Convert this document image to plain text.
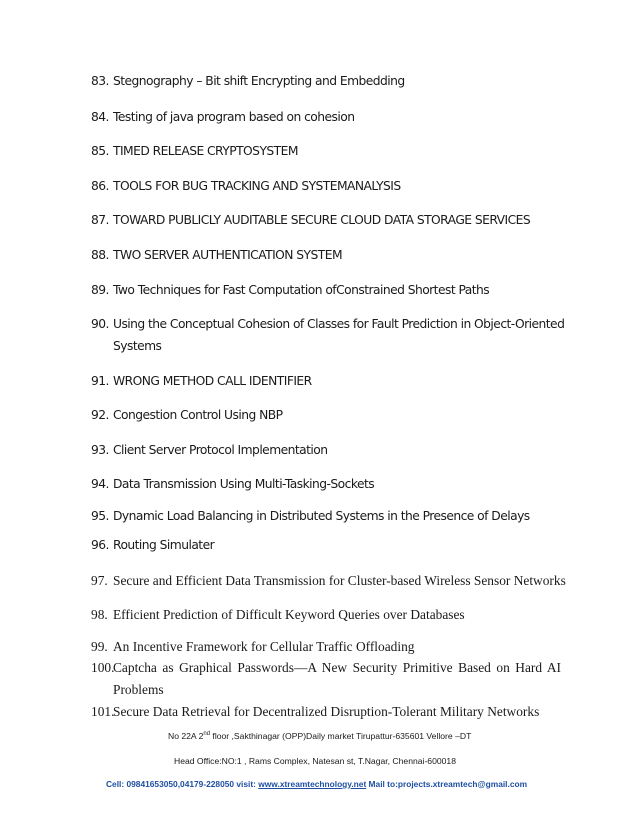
83. Stegnography – Bit shift Encrypting and Embedding
84. Testing of java program based on cohesion
85. TIMED RELEASE CRYPTOSYSTEM
86. TOOLS FOR BUG TRACKING AND SYSTEMANALYSIS
87. TOWARD PUBLICLY AUDITABLE SECURE CLOUD DATA STORAGE SERVICES
88. TWO SERVER AUTHENTICATION SYSTEM
89. Two Techniques for Fast Computation ofConstrained Shortest Paths
90. Using the Conceptual Cohesion of Classes for Fault Prediction in Object-Oriented
Systems
91. WRONG METHOD CALL IDENTIFIER
92. Congestion Control Using NBP
93. Client Server Protocol Implementation
94. Data Transmission Using Multi-Tasking-Sockets
95. Dynamic Load Balancing in Distributed Systems in the Presence of Delays
96. Routing Simulater
97. Secure and Efficient Data Transmission for Cluster-based Wireless Sensor Networks
98. Efficient Prediction of Difficult Keyword Queries over Databases
99. An Incentive Framework for Cellular Traffic Offloading
100.
Captcha as Graphical Passwords—A New Security Primitive Based on Hard AI
Problems
101.
Secure Data Retrieval for Decentralized Disruption-Tolerant Military Networks
No 22A 2nd floor ,Sakthinagar (OPP)Daily market Tirupattur-635601 Vellore –DT
Head Office:NO:1 , Rams Complex, Natesan st, T.Nagar, Chennai-600018
Cell: 09841653050,04179-228050 visit: www.xtreamtechnology.net Mail to:projects.xtreamtech@gmail.com
